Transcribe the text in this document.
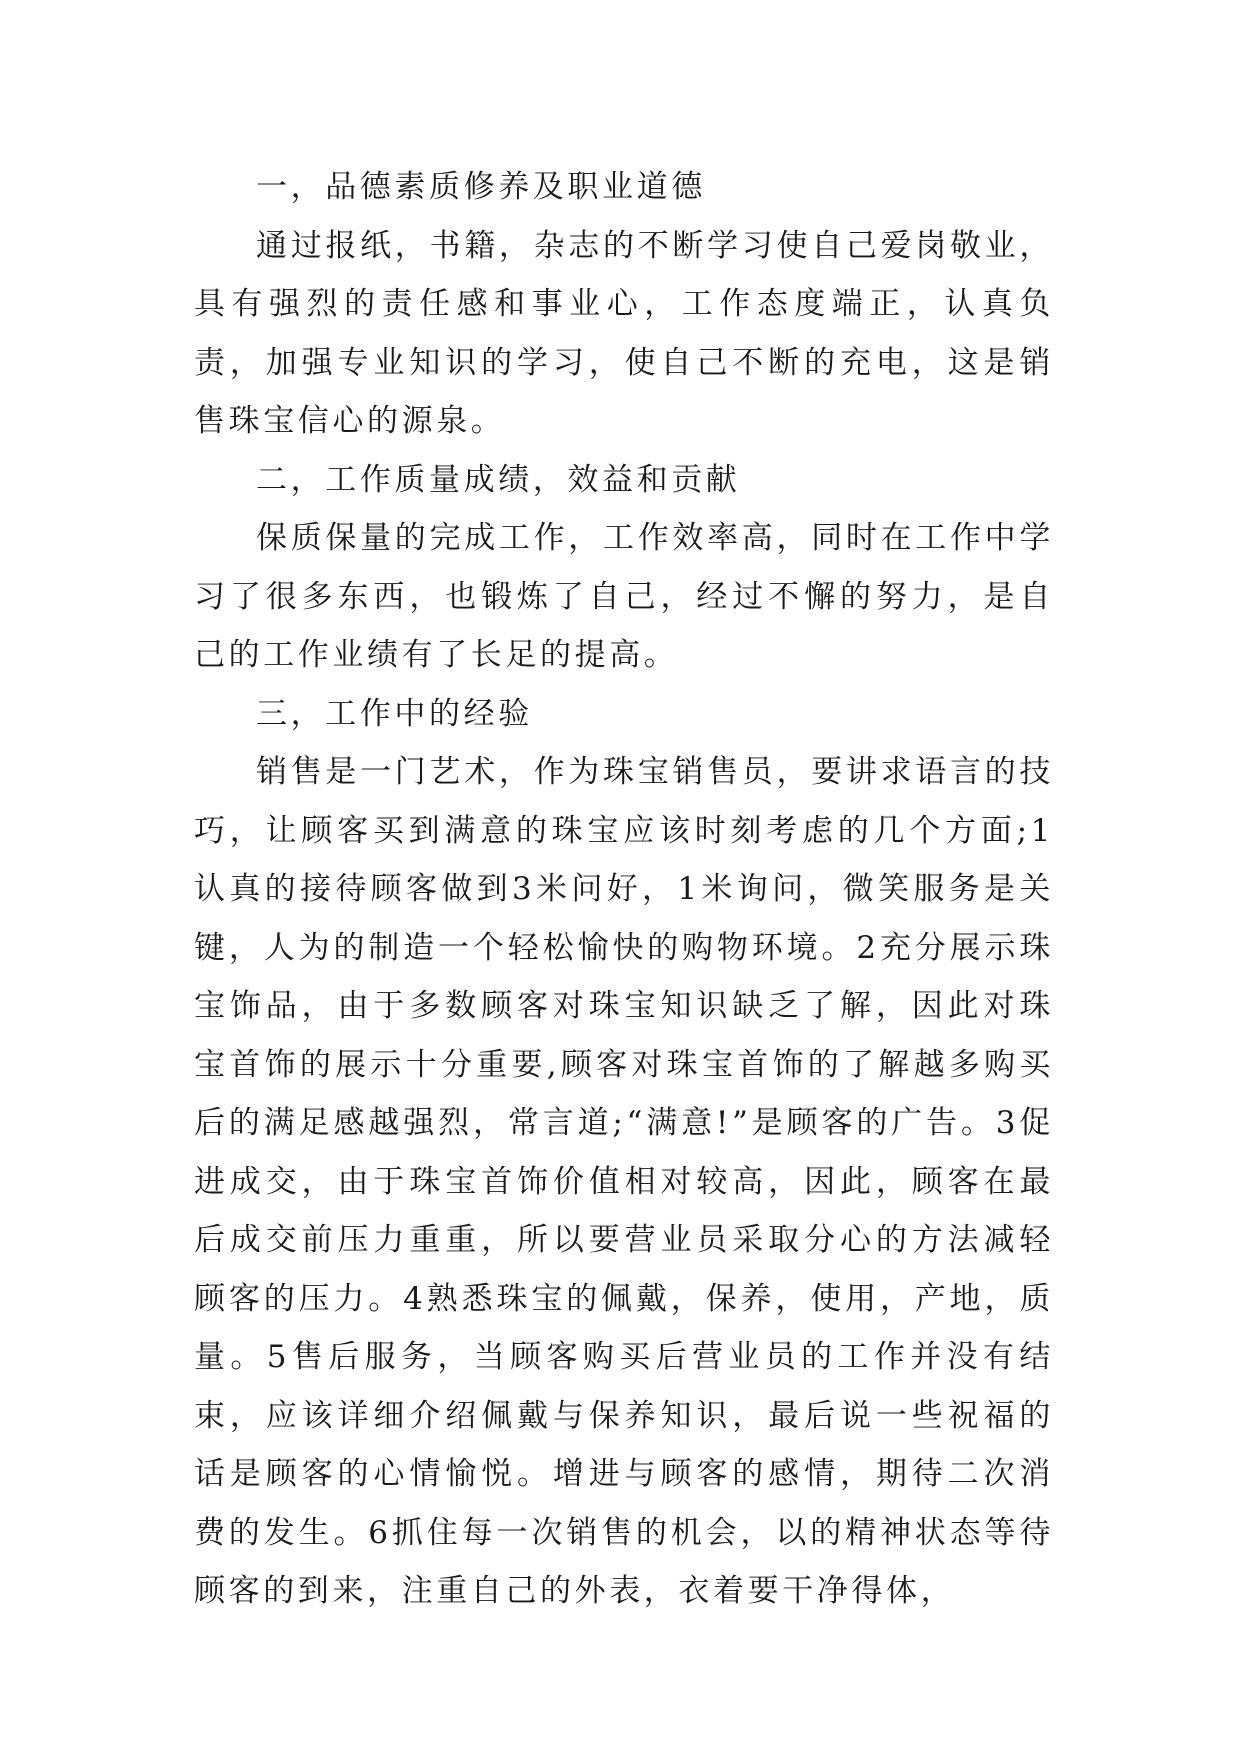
一，品德素质修养及职业道德

通过报纸，书籍，杂志的不断学习使自己爱岗敬业，具有强烈的责任感和事业心，工作态度端正，认真负责，加强专业知识的学习，使自己不断的充电，这是销售珠宝信心的源泉。

二，工作质量成绩，效益和贡献

保质保量的完成工作，工作效率高，同时在工作中学习了很多东西，也锻炼了自己，经过不懈的努力，是自己的工作业绩有了长足的提高。

三，工作中的经验

销售是一门艺术，作为珠宝销售员，要讲求语言的技巧，让顾客买到满意的珠宝应该时刻考虑的几个方面;1认真的接待顾客做到3米问好，1米询问，微笑服务是关键，人为的制造一个轻松愉快的购物环境。2充分展示珠宝饰品，由于多数顾客对珠宝知识缺乏了解，因此对珠宝首饰的展示十分重要,顾客对珠宝首饰的了解越多购买后的满足感越强烈，常言道;“满意!”是顾客的广告。3促进成交，由于珠宝首饰价值相对较高，因此，顾客在最后成交前压力重重，所以要营业员采取分心的方法减轻顾客的压力。4熟悉珠宝的佩戴，保养，使用，产地，质量。5售后服务，当顾客购买后营业员的工作并没有结束，应该详细介绍佩戴与保养知识，最后说一些祝福的话是顾客的心情愉悦。增进与顾客的感情，期待二次消费的发生。6抓住每一次销售的机会，以的精神状态等待顾客的到来，注重自己的外表，衣着要干净得体，
